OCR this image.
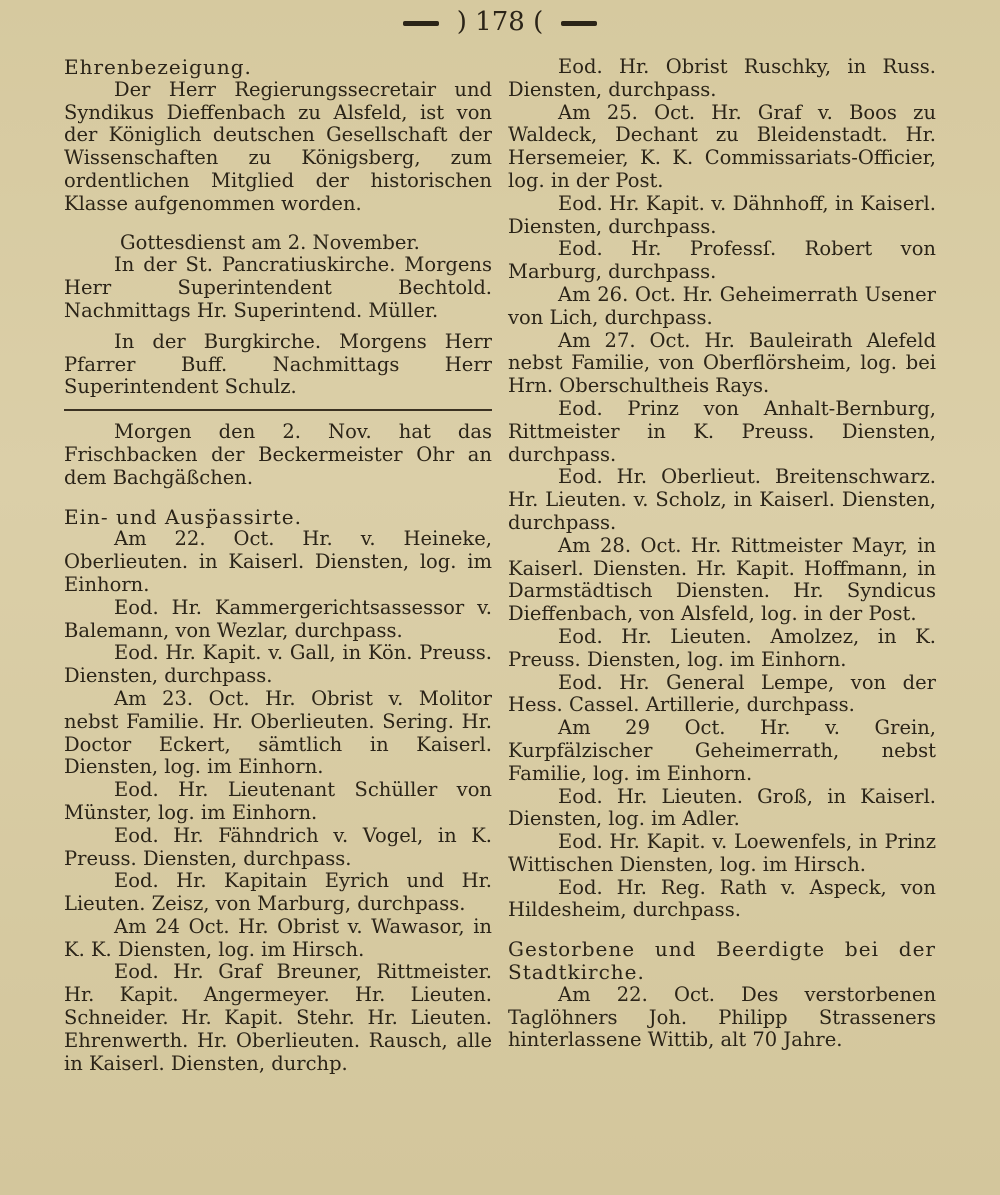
) 178 (

Ehrenbezeigung.

Der Herr Regierungssecretair und Syndikus Dieffenbach zu Alsfeld, ist von der Königlich deutschen Gesellschaft der Wissenschaften zu Königsberg, zum ordentlichen Mitglied der historischen Klasse aufgenommen worden.

Gottesdienst am 2. November.

In der St. Pancratiuskirche. Morgens Herr Superintendent Bechtold. Nachmittags Hr. Superintend. Müller.

In der Burgkirche. Morgens Herr Pfarrer Buff. Nachmittags Herr Superintendent Schulz.

Morgen den 2. Nov. hat das Frischbacken der Beckermeister Ohr an dem Bachgäßchen.

Ein- und Ausp̈assirte.

Am 22. Oct. Hr. v. Heineke, Oberlieuten. in Kaiserl. Diensten, log. im Einhorn.

Eod. Hr. Kammergerichtsassessor v. Balemann, von Wezlar, durchpass.

Eod. Hr. Kapit. v. Gall, in Kön. Preuss. Diensten, durchpass.

Am 23. Oct. Hr. Obrist v. Molitor nebst Familie. Hr. Oberlieuten. Sering. Hr. Doctor Eckert, sämtlich in Kaiserl. Diensten, log. im Einhorn.

Eod. Hr. Lieutenant Schüller von Münster, log. im Einhorn.

Eod. Hr. Fähndrich v. Vogel, in K. Preuss. Diensten, durchpass.

Eod. Hr. Kapitain Eyrich und Hr. Lieuten. Zeisz, von Marburg, durchpass.

Am 24 Oct. Hr. Obrist v. Wawasor, in K. K. Diensten, log. im Hirsch.

Eod. Hr. Graf Breuner, Rittmeister. Hr. Kapit. Angermeyer. Hr. Lieuten. Schneider. Hr. Kapit. Stehr. Hr. Lieuten. Ehrenwerth. Hr. Oberlieuten. Rausch, alle in Kaiserl. Diensten, durchp.

Eod. Hr. Obrist Ruschky, in Russ. Diensten, durchpass.

Am 25. Oct. Hr. Graf v. Boos zu Waldeck, Dechant zu Bleidenstadt. Hr. Hersemeier, K. K. Commissariats-Officier, log. in der Post.

Eod. Hr. Kapit. v. Dähnhoff, in Kaiserl. Diensten, durchpass.

Eod. Hr. Professſ. Robert von Marburg, durchpass.

Am 26. Oct. Hr. Geheimerrath Usener von Lich, durchpass.

Am 27. Oct. Hr. Bauleirath Alefeld nebst Familie, von Oberflörsheim, log. bei Hrn. Oberschultheis Rays.

Eod. Prinz von Anhalt-Bernburg, Rittmeister in K. Preuss. Diensten, durchpass.

Eod. Hr. Oberlieut. Breitenschwarz. Hr. Lieuten. v. Scholz, in Kaiserl. Diensten, durchpass.

Am 28. Oct. Hr. Rittmeister Mayr, in Kaiserl. Diensten. Hr. Kapit. Hoffmann, in Darmstädtisch Diensten. Hr. Syndicus Dieffenbach, von Alsfeld, log. in der Post.

Eod. Hr. Lieuten. Amolzez, in K. Preuss. Diensten, log. im Einhorn.

Eod. Hr. General Lempe, von der Hess. Cassel. Artillerie, durchpass.

Am 29 Oct. Hr. v. Grein, Kurpfälzischer Geheimerrath, nebst Familie, log. im Einhorn.

Eod. Hr. Lieuten. Groß, in Kaiserl. Diensten, log. im Adler.

Eod. Hr. Kapit. v. Loewenfels, in Prinz Wittischen Diensten, log. im Hirsch.

Eod. Hr. Reg. Rath v. Aspeck, von Hildesheim, durchpass.

Gestorbene und Beerdigte bei der Stadtkirche.

Am 22. Oct. Des verstorbenen Taglöhners Joh. Philipp Strasseners hinterlassene Wittib, alt 70 Jahre.
